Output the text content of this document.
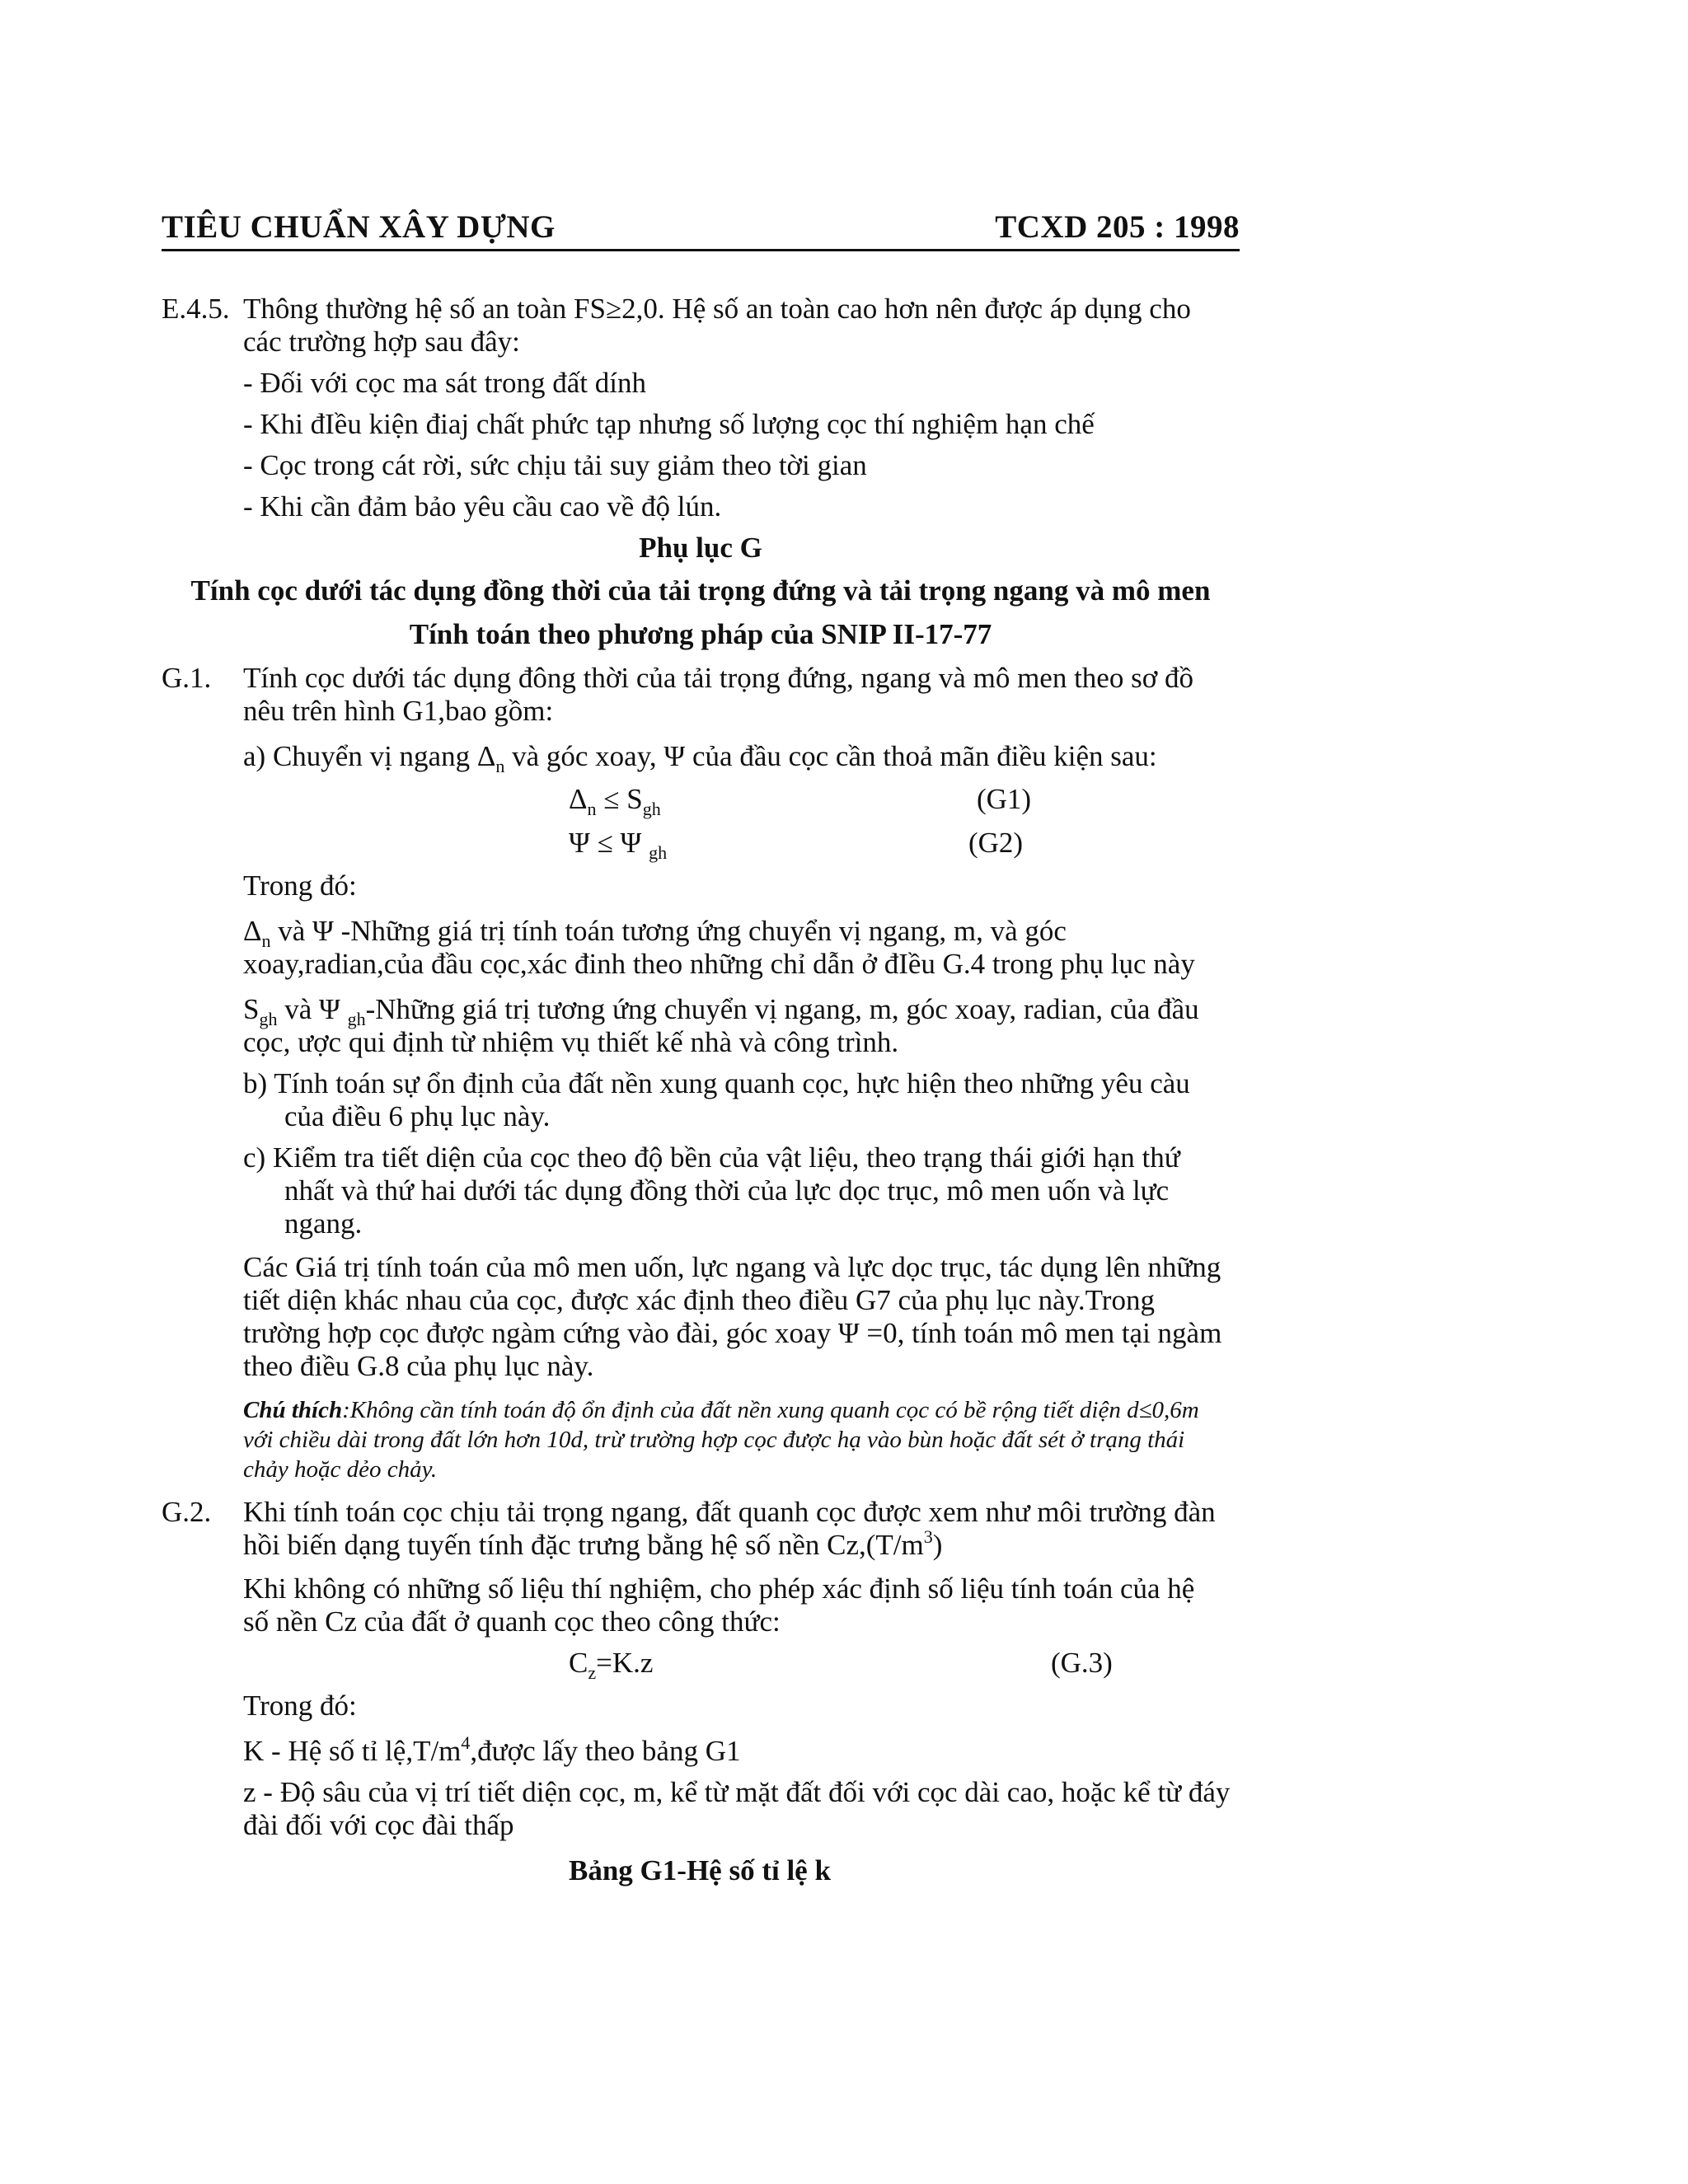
TIÊU CHUẨN XÂY DỰNG	TCXD 205 : 1998
E.4.5. Thông thường hệ số an toàn FS≥2,0. Hệ số an toàn cao hơn nên được áp dụng cho
các trường hợp sau đây:
- Đối với cọc ma sát trong đất dính
- Khi đIều kiện điaj chất phức tạp nhưng số lượng cọc thí nghiệm hạn chế
- Cọc trong cát rời, sức chịu tải suy giảm theo tời gian
- Khi cần đảm bảo yêu cầu cao về độ lún.
Phụ lục G
Tính cọc dưới tác dụng đồng thời của tải trọng đứng và tải trọng ngang và mô men
Tính toán theo phương pháp của SNIP II-17-77
G.1. Tính cọc dưới tác dụng đông thời của tải trọng đứng, ngang và mô men theo sơ đồ
nêu trên hình G1,bao gồm:
a) Chuyển vị ngang $\Delta_n$ và góc xoay, Ψ của đầu cọc cần thoả mãn điều kiện sau:
$\Delta_n \le S_{gh}$	(G1)
Ψ ≤ Ψ $_{gh}$	(G2)
Trong đó:
$\Delta_n$ và Ψ -Những giá trị tính toán tương ứng chuyển vị ngang, m, và góc
xoay,radian,của đầu cọc,xác đinh theo những chỉ dẫn ở đIều G.4 trong phụ lục này
$S_{gh}$ và Ψ $_{gh}$-Những giá trị tương ứng chuyển vị ngang, m, góc xoay, radian, của đầu
cọc, ược qui định từ nhiệm vụ thiết kế nhà và công trình.
b) Tính toán sự ổn định của đất nền xung quanh cọc, hực hiện theo những yêu càu
của điều 6 phụ lục này.
c) Kiểm tra tiết diện của cọc theo độ bền của vật liệu, theo trạng thái giới hạn thứ
nhất và thứ hai dưới tác dụng đồng thời của lực dọc trục, mô men uốn và lực
ngang.
Các Giá trị tính toán của mô men uốn, lực ngang và lực dọc trục, tác dụng lên những
tiết diện khác nhau của cọc, được xác định theo điều G7 của phụ lục này.Trong
trường hợp cọc được ngàm cứng vào đài, góc xoay Ψ =0, tính toán mô men tại ngàm
theo điều G.8 của phụ lục này.
Chú thích:Không cần tính toán độ ổn định của đất nền xung quanh cọc có bề rộng tiết diện d≤0,6m
với chiều dài trong đất lớn hơn 10d, trừ trường hợp cọc được hạ vào bùn hoặc đất sét ở trạng thái
chảy hoặc dẻo chảy.
G.2. Khi tính toán cọc chịu tải trọng ngang, đất quanh cọc được xem như môi trường đàn
hồi biến dạng tuyến tính đặc trưng bằng hệ số nền $Cz,(T/m^3)$
Khi không có những số liệu thí nghiệm, cho phép xác định số liệu tính toán của hệ
số nền Cz của đất ở quanh cọc theo công thức:
$C_z=K.z$	(G.3)
Trong đó:
K - Hệ số tỉ $lệ,T/m^4,được$ lấy theo bảng G1
z - Độ sâu của vị trí tiết diện cọc, m, kể từ mặt đất đối với cọc dài cao, hoặc kể từ đáy
đài đối với cọc đài thấp
Bảng G1-Hệ số tỉ lệ k
